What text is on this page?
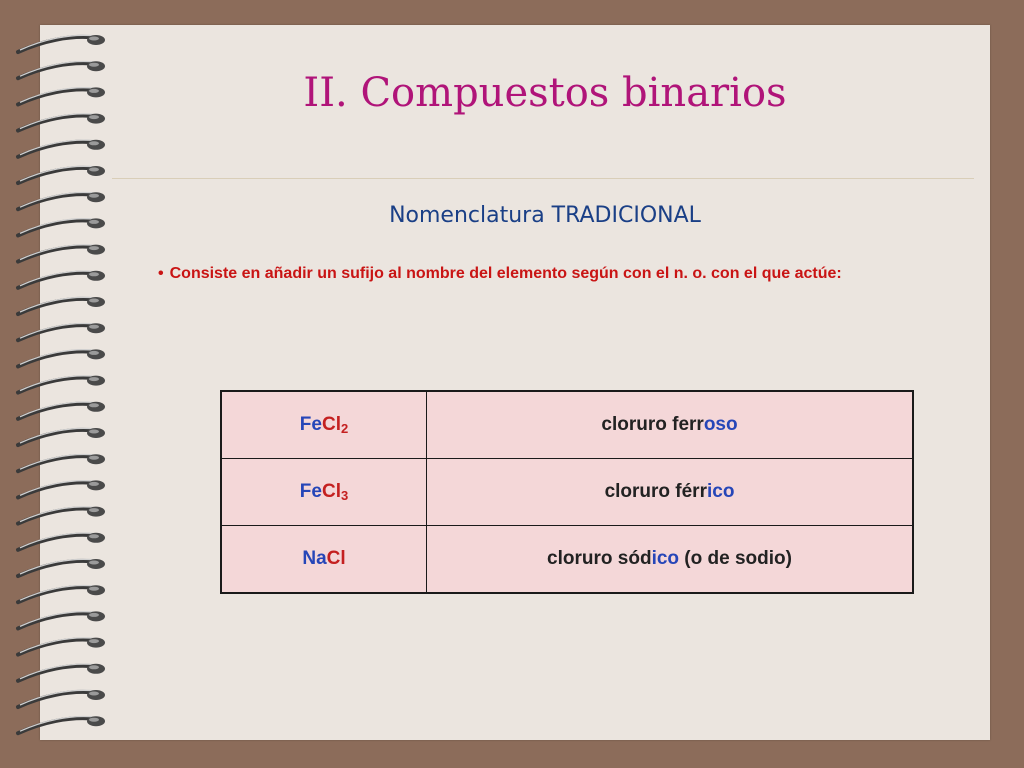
II. Compuestos binarios
Nomenclatura TRADICIONAL
• Consiste en añadir un sufijo al nombre del elemento según con el n. o. con el que actúe:
FeCl$_2$	cloruro ferroso
FeCl$_3$	cloruro férrico
NaCl	cloruro sódico (o de sodio)
